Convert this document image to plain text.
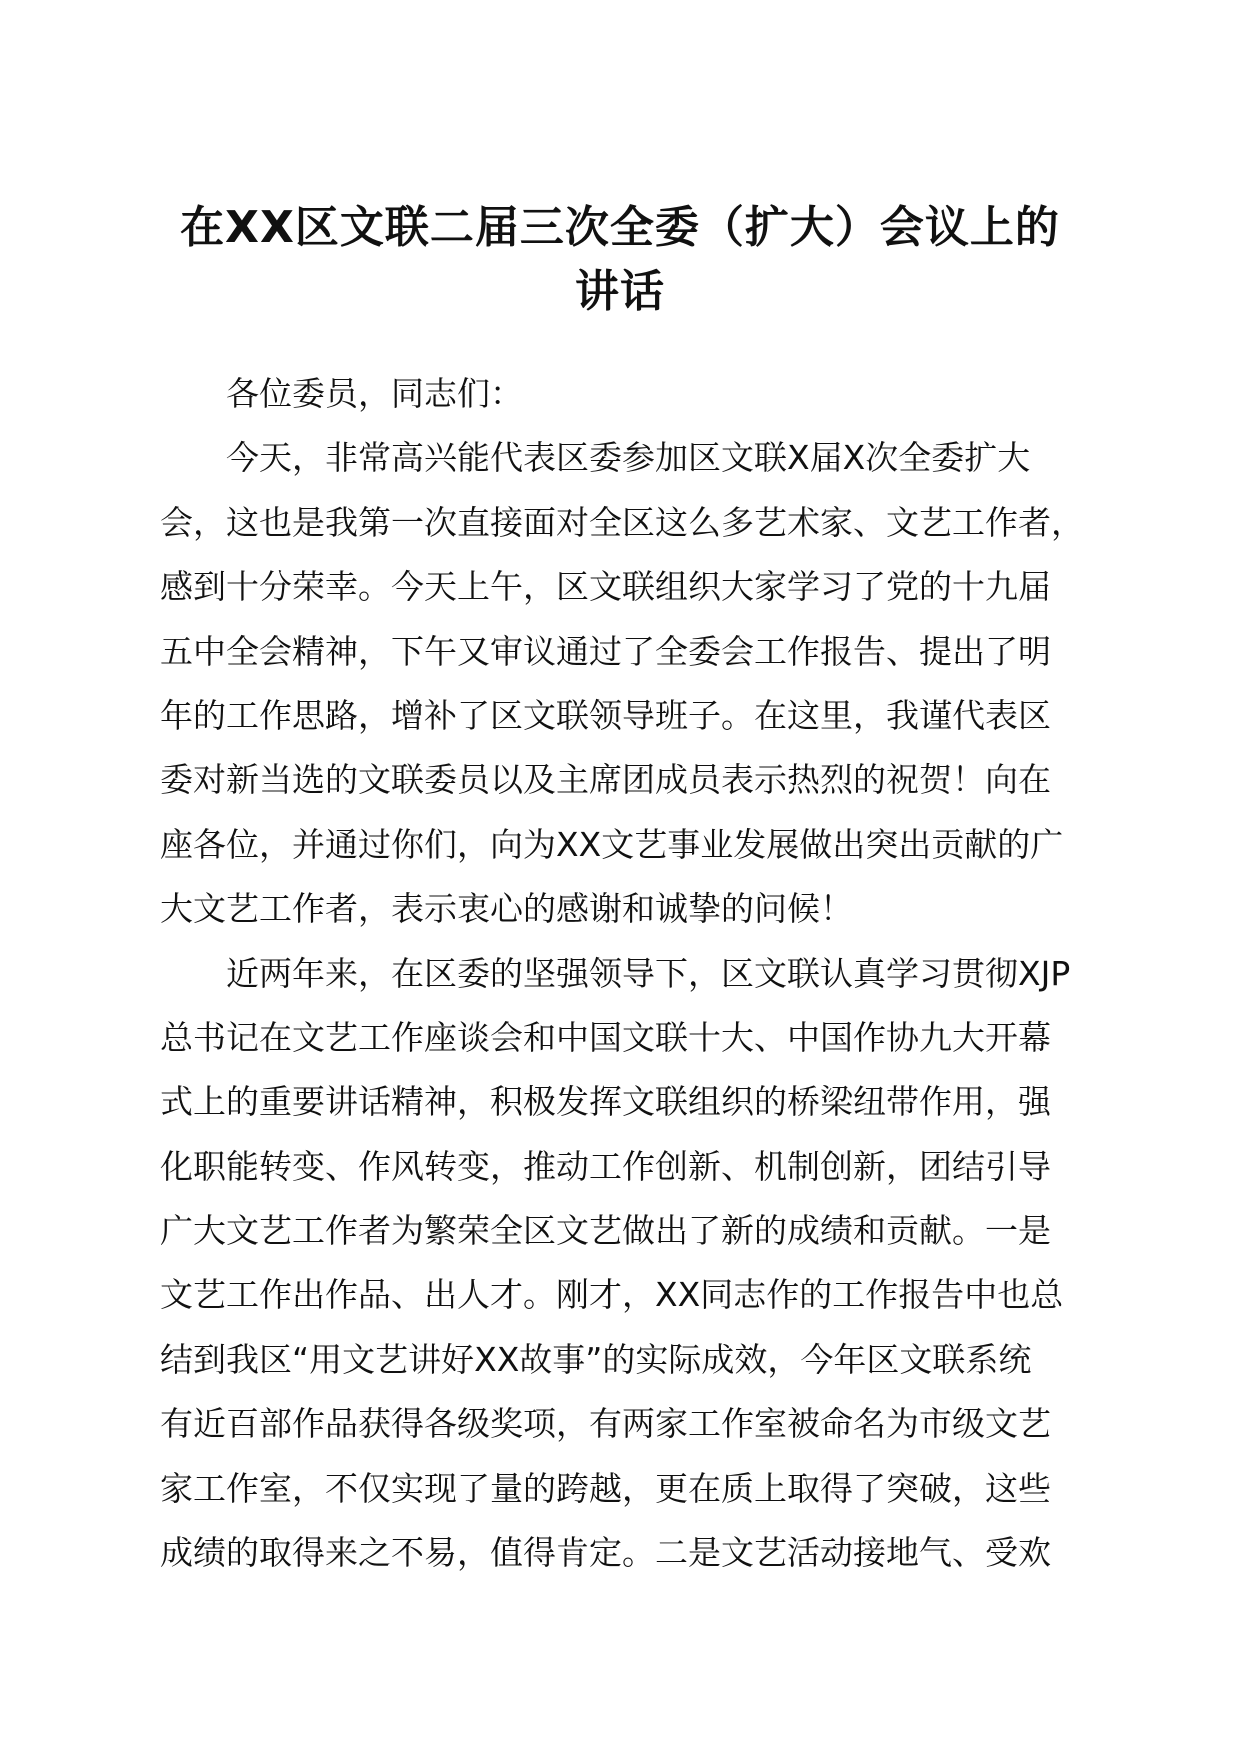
在XX区文联二届三次全委（扩大）会议上的
讲话
各位委员，同志们：
今天，非常高兴能代表区委参加区文联X届X次全委扩大
会，这也是我第一次直接面对全区这么多艺术家、文艺工作者，
感到十分荣幸。今天上午，区文联组织大家学习了党的十九届
五中全会精神，下午又审议通过了全委会工作报告、提出了明
年的工作思路，增补了区文联领导班子。在这里，我谨代表区
委对新当选的文联委员以及主席团成员表示热烈的祝贺！向在
座各位，并通过你们，向为XX文艺事业发展做出突出贡献的广
大文艺工作者，表示衷心的感谢和诚挚的问候！
近两年来，在区委的坚强领导下，区文联认真学习贯彻XJP
总书记在文艺工作座谈会和中国文联十大、中国作协九大开幕
式上的重要讲话精神，积极发挥文联组织的桥梁纽带作用，强
化职能转变、作风转变，推动工作创新、机制创新，团结引导
广大文艺工作者为繁荣全区文艺做出了新的成绩和贡献。一是
文艺工作出作品、出人才。刚才，XX同志作的工作报告中也总
结到我区“用文艺讲好XX故事”的实际成效，今年区文联系统
有近百部作品获得各级奖项，有两家工作室被命名为市级文艺
家工作室，不仅实现了量的跨越，更在质上取得了突破，这些
成绩的取得来之不易，值得肯定。二是文艺活动接地气、受欢
